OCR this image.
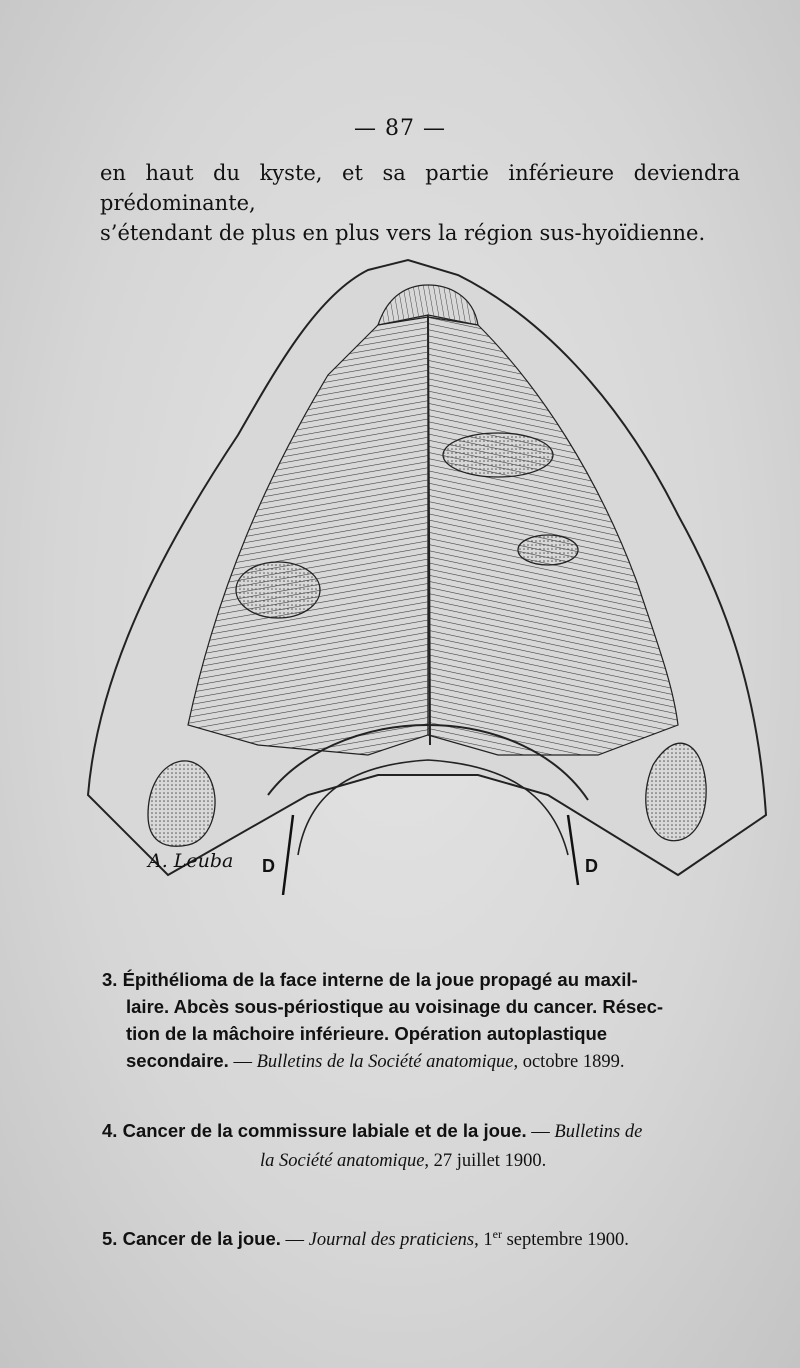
— 87 —

en haut du kyste, et sa partie inférieure deviendra prédominante,

s’étendant de plus en plus vers la région sus-hyoïdienne.

A. Leuba D	D
3. Épithélioma de la face interne de la joue propagé au maxil-
laire. Abcès sous-périostique au voisinage du cancer. Résec-
tion de la mâchoire inférieure. Opération autoplastique
secondaire. — Bulletins de la Société anatomique, octobre 1899.
4. Cancer de la commissure labiale et de la joue. — Bulletins de
la Société anatomique, 27 juillet 1900.
5. Cancer de la joue. — Journal des praticiens, 1er septembre 1900.
